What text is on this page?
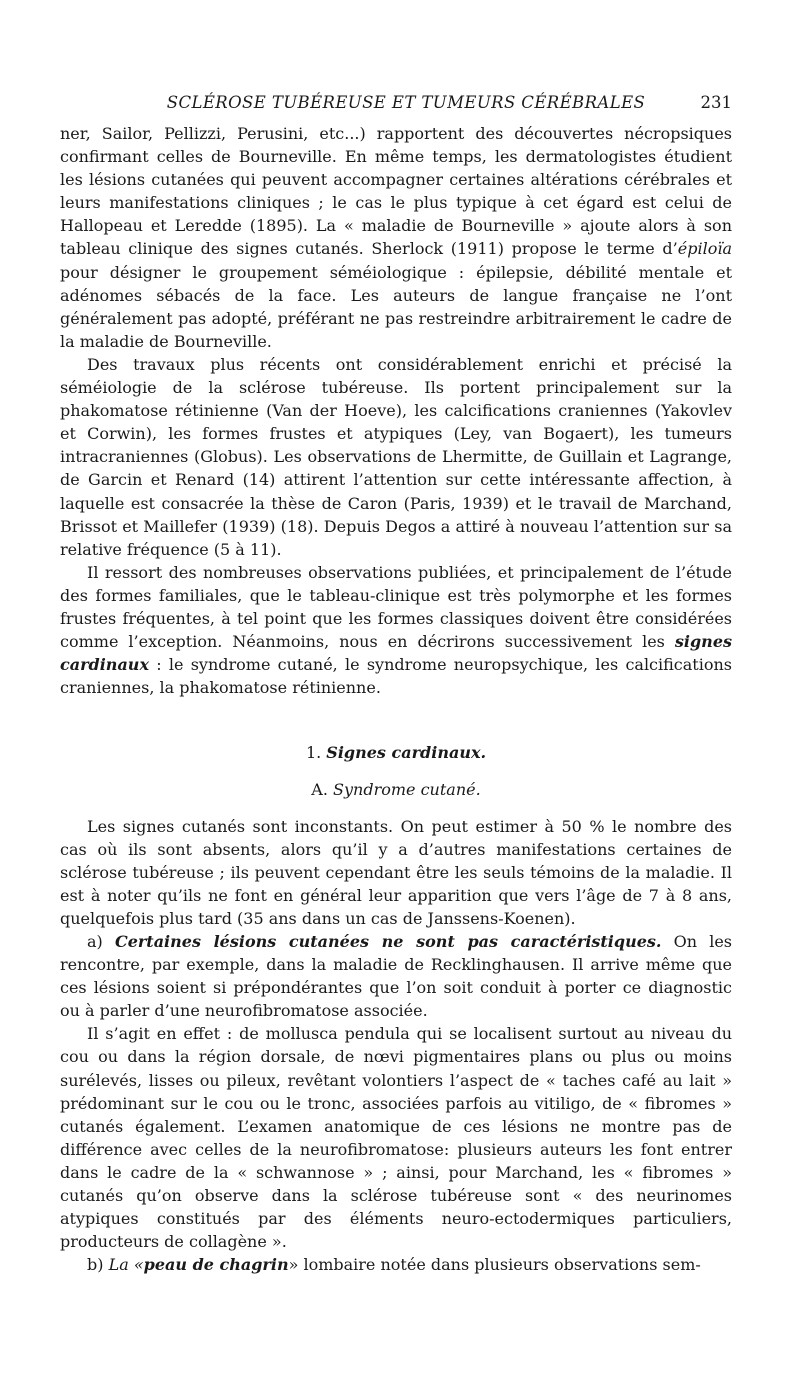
SCLÉROSE TUBÉREUSE ET TUMEURS CÉRÉBRALES	231

ner, Sailor, Pellizzi, Perusini, etc...) rapportent des découvertes nécropsiques confirmant celles de Bourneville. En même temps, les dermatologistes étudient les lésions cutanées qui peuvent accompagner certaines altérations cérébrales et leurs manifestations cliniques ; le cas le plus typique à cet égard est celui de Hallopeau et Leredde (1895). La « maladie de Bourneville » ajoute alors à son tableau clinique des signes cutanés. Sherlock (1911) propose le terme d’épiloïa pour désigner le groupement séméiologique : épilepsie, débilité mentale et adénomes sébacés de la face. Les auteurs de langue française ne l’ont généralement pas adopté, préférant ne pas restreindre arbitrairement le cadre de la maladie de Bourneville.

Des travaux plus récents ont considérablement enrichi et précisé la séméiologie de la sclérose tubéreuse. Ils portent principalement sur la phakomatose rétinienne (Van der Hoeve), les calcifications craniennes (Yakovlev et Corwin), les formes frustes et atypiques (Ley, van Bogaert), les tumeurs intracraniennes (Globus). Les observations de Lhermitte, de Guillain et Lagrange, de Garcin et Renard (14) attirent l’attention sur cette intéressante affection, à laquelle est consacrée la thèse de Caron (Paris, 1939) et le travail de Marchand, Brissot et Maillefer (1939) (18). Depuis Degos a attiré à nouveau l’attention sur sa relative fréquence (5 à 11).

Il ressort des nombreuses observations publiées, et principalement de l’étude des formes familiales, que le tableau-clinique est très polymorphe et les formes frustes fréquentes, à tel point que les formes classiques doivent être considérées comme l’exception. Néanmoins, nous en décrirons successivement les signes cardinaux : le syndrome cutané, le syndrome neuropsychique, les calcifications craniennes, la phakomatose rétinienne.

1. Signes cardinaux.
A. Syndrome cutané.

Les signes cutanés sont inconstants. On peut estimer à 50 % le nombre des cas où ils sont absents, alors qu’il y a d’autres manifestations certaines de sclérose tubéreuse ; ils peuvent cependant être les seuls témoins de la maladie. Il est à noter qu’ils ne font en général leur apparition que vers l’âge de 7 à 8 ans, quelquefois plus tard (35 ans dans un cas de Janssens-Koenen).

a) Certaines lésions cutanées ne sont pas caractéristiques. On les rencontre, par exemple, dans la maladie de Recklinghausen. Il arrive même que ces lésions soient si prépondérantes que l’on soit conduit à porter ce diagnostic ou à parler d’une neurofibromatose associée.

Il s’agit en effet : de mollusca pendula qui se localisent surtout au niveau du cou ou dans la région dorsale, de nœvi pigmentaires plans ou plus ou moins surélevés, lisses ou pileux, revêtant volontiers l’aspect de « taches café au lait » prédominant sur le cou ou le tronc, associées parfois au vitiligo, de « fibromes » cutanés également. L’examen anatomique de ces lésions ne montre pas de différence avec celles de la neurofibromatose: plusieurs auteurs les font entrer dans le cadre de la « schwannose » ; ainsi, pour Marchand, les « fibromes » cutanés qu’on observe dans la sclérose tubéreuse sont « des neurinomes atypiques constitués par des éléments neuro-ectodermiques particuliers, producteurs de collagène ».

b) La «peau de chagrin» lombaire notée dans plusieurs observations sem-
